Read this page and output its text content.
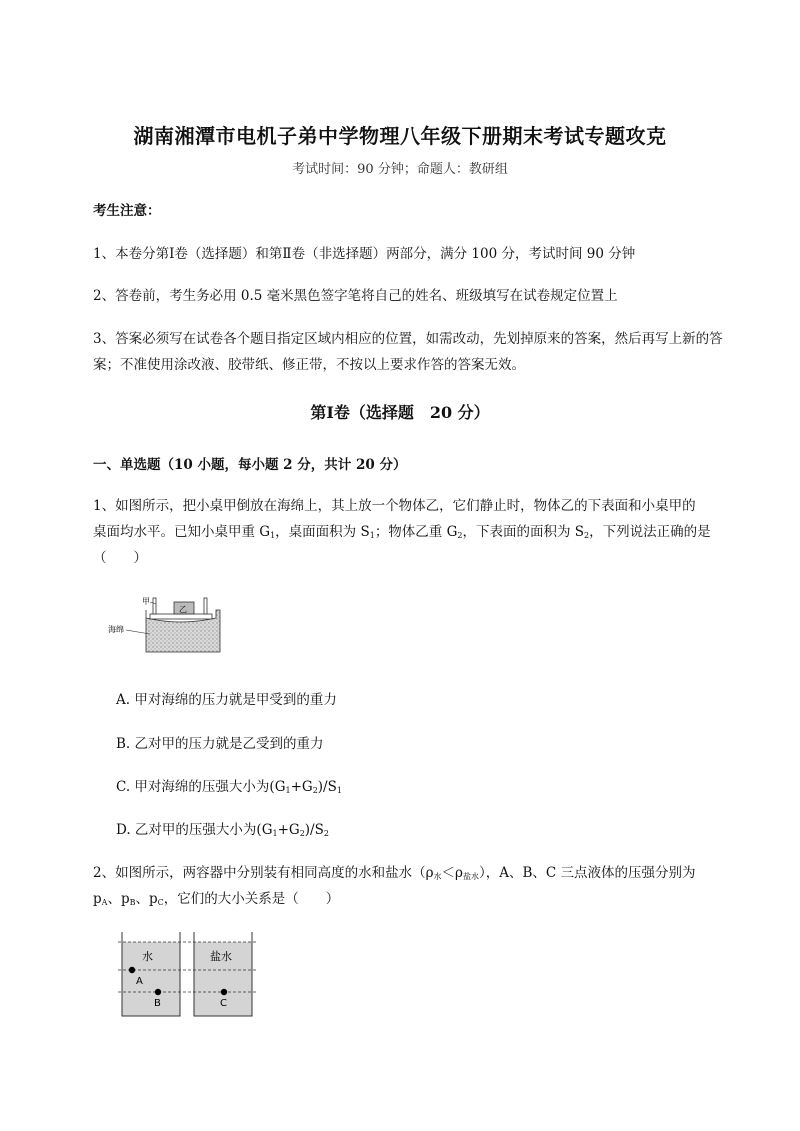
湖南湘潭市电机子弟中学物理八年级下册期末考试专题攻克
考试时间：90 分钟；命题人：教研组
考生注意：
1、本卷分第Ⅰ卷（选择题）和第Ⅱ卷（非选择题）两部分，满分 100 分，考试时间 90 分钟
2、答卷前，考生务必用 0.5 毫米黑色签字笔将自己的姓名、班级填写在试卷规定位置上
3、答案必须写在试卷各个题目指定区域内相应的位置，如需改动，先划掉原来的答案，然后再写上新的答案；不准使用涂改液、胶带纸、修正带，不按以上要求作答的答案无效。
第Ⅰ卷（选择题　20 分）
一、单选题（10 小题，每小题 2 分，共计 20 分）
1、如图所示，把小桌甲倒放在海绵上，其上放一个物体乙，它们静止时，物体乙的下表面和小桌甲的
桌面均水平。已知小桌甲重 $G_1$，桌面面积为 $S_1$；物体乙重 $G_2$，下表面的面积为 $S_2$，下列说法正确的是
（　　）
乙
甲
海绵
A. 甲对海绵的压力就是甲受到的重力
B. 乙对甲的压力就是乙受到的重力
C. 甲对海绵的压强大小为$(G_1+G_2)/S_1$
D. 乙对甲的压强大小为$(G_1+G_2)/S_2$
2、如图所示，两容器中分别装有相同高度的水和盐水$(\rho_水<\rho_{盐水})$，A、B、C 三点液体的压强分别为
$p_A$、$p_B$、$p_C$，它们的大小关系是（　　）
水	盐水
A
B	C
